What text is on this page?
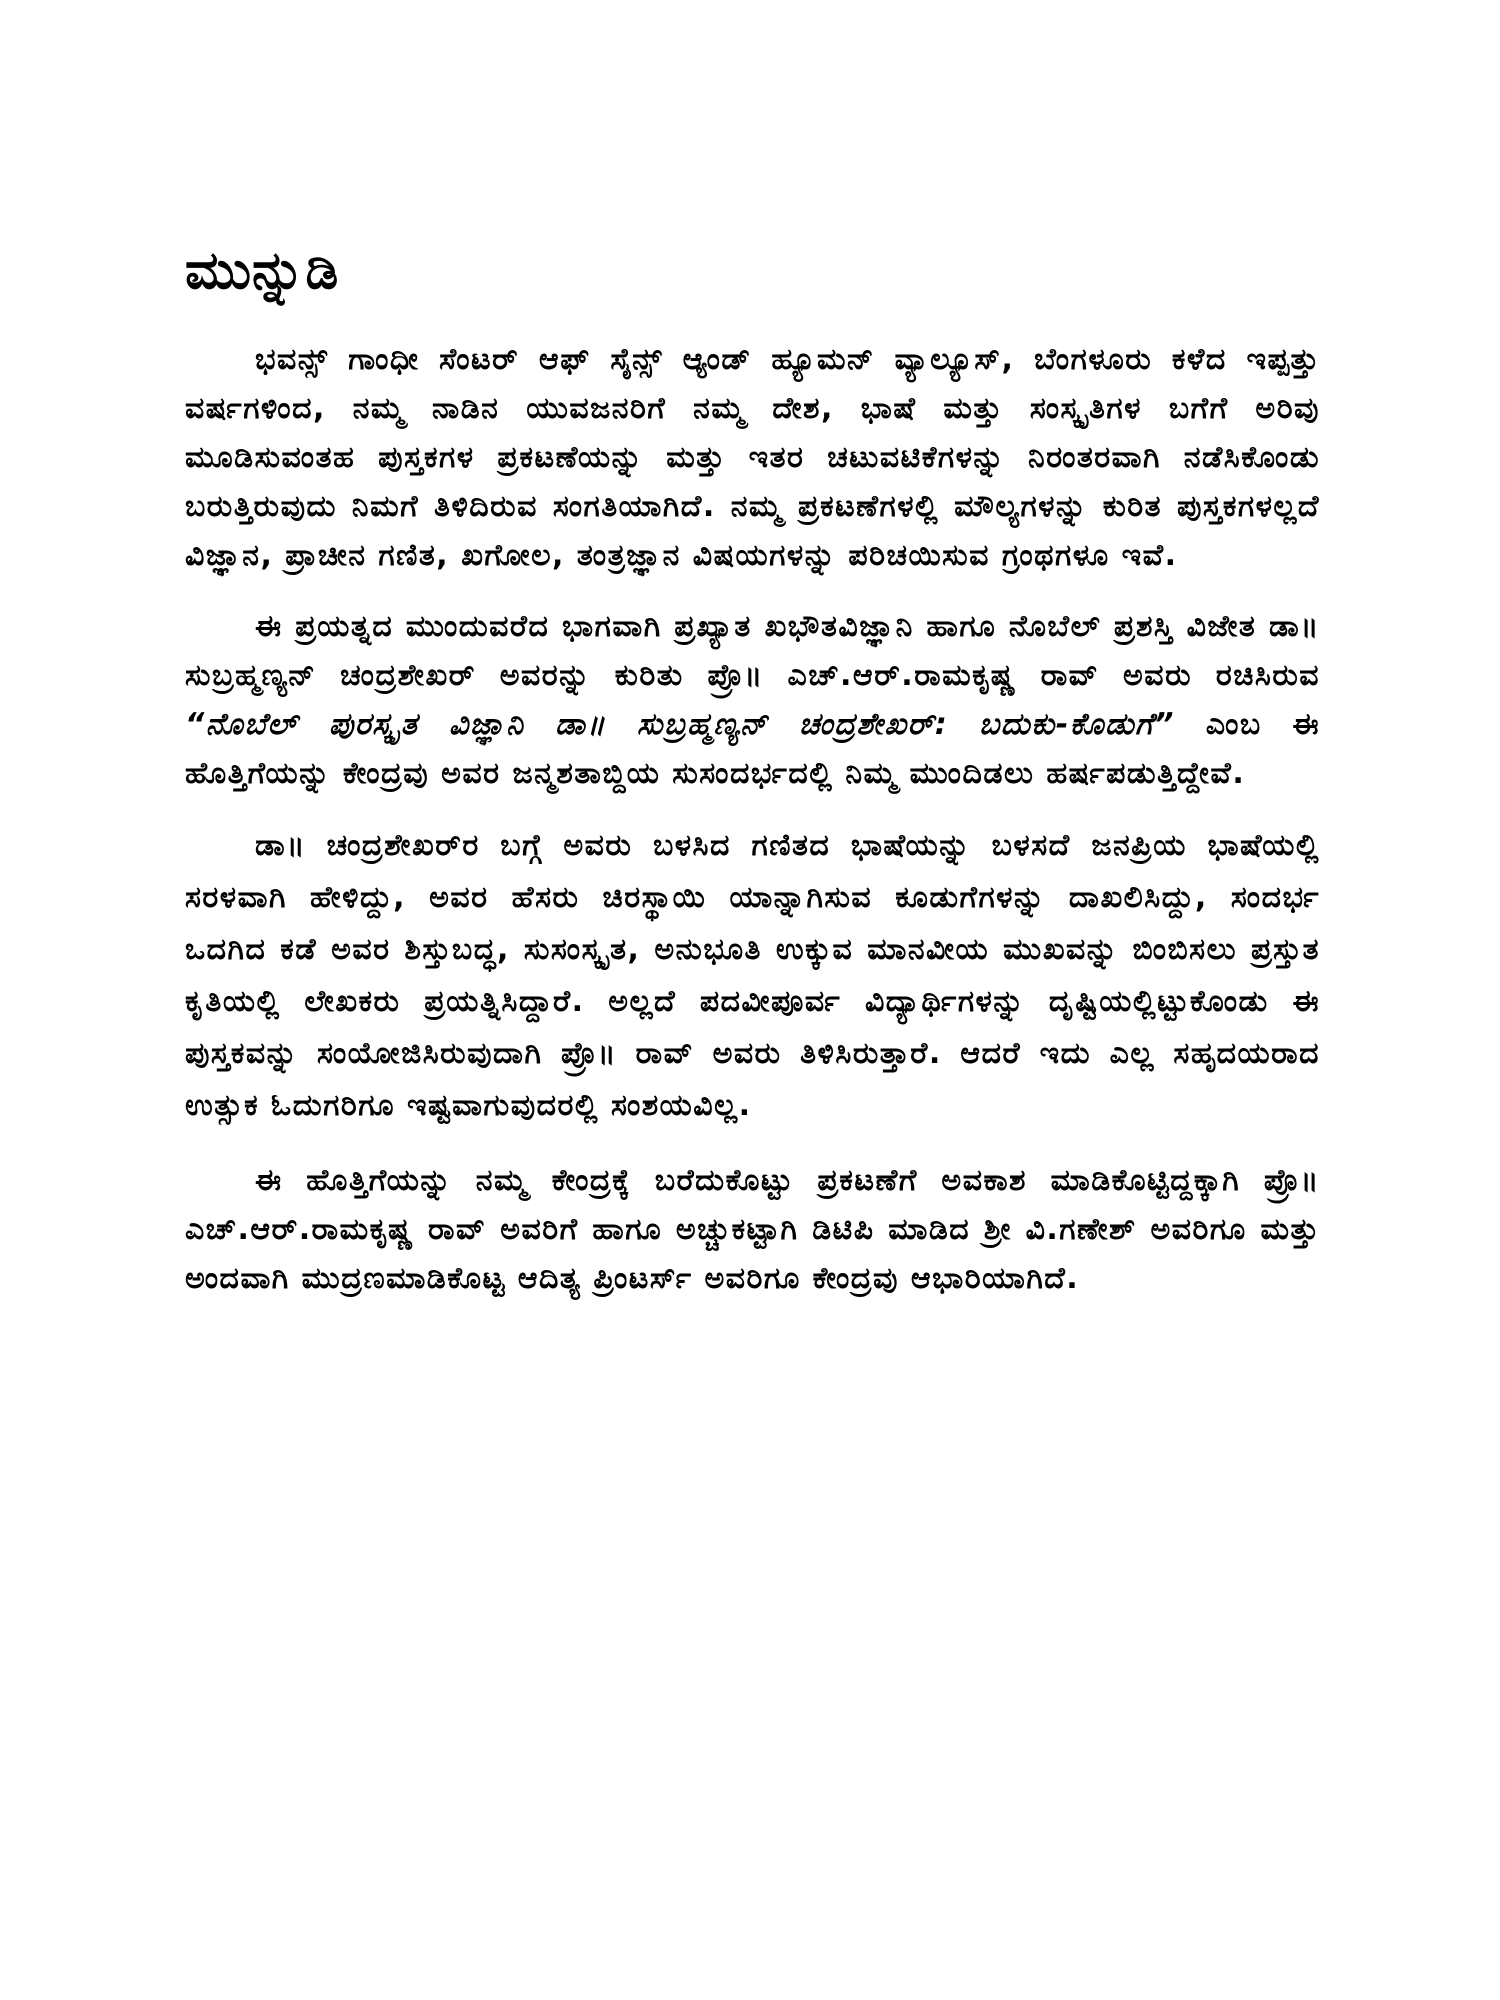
ಮುನ್ನುಡಿ

ಭವನ್ಸ್ ಗಾಂಧೀ ಸೆಂಟರ್ ಆಫ್ ಸೈನ್ಸ್ ಆ್ಯಂಡ್ ಹ್ಯೂಮನ್ ವ್ಯಾಲ್ಯೂಸ್, ಬೆಂಗಳೂರು ಕಳೆದ ಇಪ್ಪತ್ತು ವರ್ಷಗಳಿಂದ, ನಮ್ಮ ನಾಡಿನ ಯುವಜನರಿಗೆ ನಮ್ಮ ದೇಶ, ಭಾಷೆ ಮತ್ತು ಸಂಸ್ಕೃತಿಗಳ ಬಗೆಗೆ ಅರಿವು ಮೂಡಿಸುವಂತಹ ಪುಸ್ತಕಗಳ ಪ್ರಕಟಣೆಯನ್ನು ಮತ್ತು ಇತರ ಚಟುವಟಿಕೆಗಳನ್ನು ನಿರಂತರವಾಗಿ ನಡೆಸಿಕೊಂಡು ಬರುತ್ತಿರುವುದು ನಿಮಗೆ ತಿಳಿದಿರುವ ಸಂಗತಿಯಾಗಿದೆ. ನಮ್ಮ ಪ್ರಕಟಣೆಗಳಲ್ಲಿ ಮೌಲ್ಯಗಳನ್ನು ಕುರಿತ ಪುಸ್ತಕಗಳಲ್ಲದೆ ವಿಜ್ಞಾನ, ಪ್ರಾಚೀನ ಗಣಿತ, ಖಗೋಲ, ತಂತ್ರಜ್ಞಾನ ವಿಷಯಗಳನ್ನು ಪರಿಚಯಿಸುವ ಗ್ರಂಥಗಳೂ ಇವೆ.

ಈ ಪ್ರಯತ್ನದ ಮುಂದುವರೆದ ಭಾಗವಾಗಿ ಪ್ರಖ್ಯಾತ ಖಭೌತವಿಜ್ಞಾನಿ ಹಾಗೂ ನೊಬೆಲ್ ಪ್ರಶಸ್ತಿ ವಿಜೇತ ಡಾ॥ ಸುಬ್ರಹ್ಮಣ್ಯನ್ ಚಂದ್ರಶೇಖರ್ ಅವರನ್ನು ಕುರಿತು ಪ್ರೊ॥ ಎಚ್.ಆರ್.ರಾಮಕೃಷ್ಣ ರಾವ್ ಅವರು ರಚಿಸಿರುವ “ನೊಬೆಲ್ ಪುರಸ್ಕೃತ ವಿಜ್ಞಾನಿ ಡಾ॥ ಸುಬ್ರಹ್ಮಣ್ಯನ್ ಚಂದ್ರಶೇಖರ್: ಬದುಕು-ಕೊಡುಗೆ” ಎಂಬ ಈ ಹೊತ್ತಿಗೆಯನ್ನು ಕೇಂದ್ರವು ಅವರ ಜನ್ಮಶತಾಬ್ದಿಯ ಸುಸಂದರ್ಭದಲ್ಲಿ ನಿಮ್ಮ ಮುಂದಿಡಲು ಹರ್ಷಪಡುತ್ತಿದ್ದೇವೆ.

ಡಾ॥ ಚಂದ್ರಶೇಖರ್‌ರ ಬಗ್ಗೆ ಅವರು ಬಳಸಿದ ಗಣಿತದ ಭಾಷೆಯನ್ನು ಬಳಸದೆ ಜನಪ್ರಿಯ ಭಾಷೆಯಲ್ಲಿ ಸರಳವಾಗಿ ಹೇಳಿದ್ದು, ಅವರ ಹೆಸರು ಚಿರಸ್ಥಾಯಿ ಯಾನ್ನಾಗಿಸುವ ಕೂಡುಗೆಗಳನ್ನು ದಾಖಲಿಸಿದ್ದು, ಸಂದರ್ಭ ಒದಗಿದ ಕಡೆ ಅವರ ಶಿಸ್ತುಬದ್ಧ, ಸುಸಂಸ್ಕೃತ, ಅನುಭೂತಿ ಉಕ್ಕುವ ಮಾನವೀಯ ಮುಖವನ್ನು ಬಿಂಬಿಸಲು ಪ್ರಸ್ತುತ ಕೃತಿಯಲ್ಲಿ ಲೇಖಕರು ಪ್ರಯತ್ನಿಸಿದ್ದಾರೆ. ಅಲ್ಲದೆ ಪದವೀಪೂರ್ವ ವಿದ್ಯಾರ್ಥಿಗಳನ್ನು ದೃಷ್ಟಿಯಲ್ಲಿಟ್ಟುಕೊಂಡು ಈ ಪುಸ್ತಕವನ್ನು ಸಂಯೋಜಿಸಿರುವುದಾಗಿ ಪ್ರೊ॥ ರಾವ್ ಅವರು ತಿಳಿಸಿರುತ್ತಾರೆ. ಆದರೆ ಇದು ಎಲ್ಲ ಸಹೃದಯರಾದ ಉತ್ಸುಕ ಓದುಗರಿಗೂ ಇಷ್ಟವಾಗುವುದರಲ್ಲಿ ಸಂಶಯವಿಲ್ಲ.

ಈ ಹೊತ್ತಿಗೆಯನ್ನು ನಮ್ಮ ಕೇಂದ್ರಕ್ಕೆ ಬರೆದುಕೊಟ್ಟು ಪ್ರಕಟಣೆಗೆ ಅವಕಾಶ ಮಾಡಿಕೊಟ್ಟಿದ್ದಕ್ಕಾಗಿ ಪ್ರೊ॥ ಎಚ್.ಆರ್.ರಾಮಕೃಷ್ಣ ರಾವ್ ಅವರಿಗೆ ಹಾಗೂ ಅಚ್ಚುಕಟ್ಟಾಗಿ ಡಿಟಿಪಿ ಮಾಡಿದ ಶ್ರೀ ವಿ.ಗಣೇಶ್ ಅವರಿಗೂ ಮತ್ತು ಅಂದವಾಗಿ ಮುದ್ರಣಮಾಡಿಕೊಟ್ಟ ಆದಿತ್ಯ ಪ್ರಿಂಟರ್ಸ್ ಅವರಿಗೂ ಕೇಂದ್ರವು ಆಭಾರಿಯಾಗಿದೆ.
